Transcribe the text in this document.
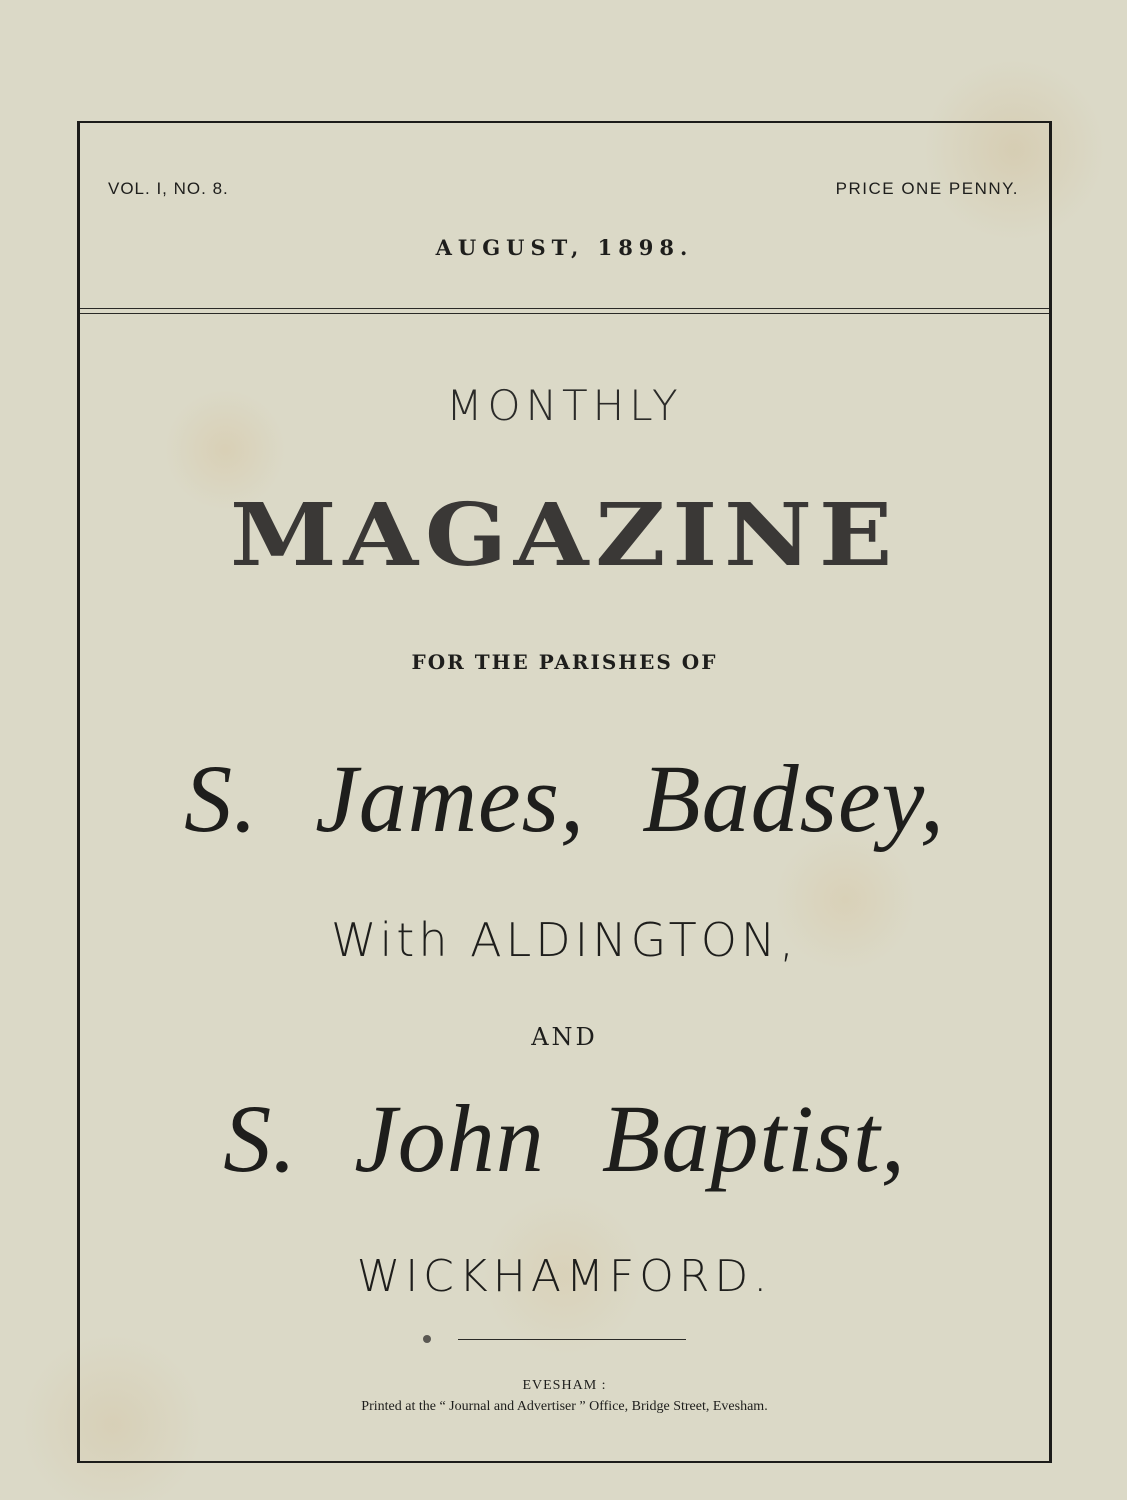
VOL. I, NO. 8.	PRICE ONE PENNY.
AUGUST, 1898.
MONTHLY
MAGAZINE
FOR THE PARISHES OF
S. James, Badsey,
With ALDINGTON,
AND
S. John Baptist,
WICKHAMFORD.
EVESHAM :
Printed at the “ Journal and Advertiser ” Office, Bridge Street, Evesham.
